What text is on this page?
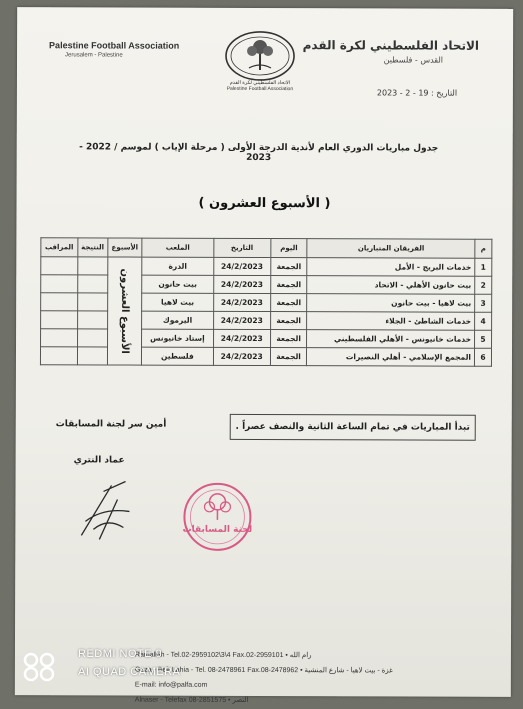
Palestine Football Association
Jerusalem - Palestine
الاتحاد الفلسطيني لكرة القدم
Palestine Football Association
الاتحاد الفلسطيني لكرة القدم
القدس - فلسطين
التاريخ : 19 - 2 - 2023
جدول مباريات الدوري العام لأندية الدرجة الأولى ( مرحلة الإياب ) لموسم / 2022 - 2023
( الأسبوع العشرون )
م	الفريقان المتباريان	اليوم	التاريخ	الملعب	الأسبوع	النتيجة	المراقب
1	خدمات البريج - الأمل	الجمعة	24/2/2023	الدرة	الأسبوع العشرون		
2	بيت حانون الأهلي - الاتحاد	الجمعة	24/2/2023	بيت حانون			
3	بيت لاهيا - بيت حانون	الجمعة	24/2/2023	بيت لاهيا			
4	خدمات الشاطئ - الجلاء	الجمعة	24/2/2023	اليرموك			
5	خدمات خانيونس - الأهلي الفلسطيني	الجمعة	24/2/2023	إستاد خانيونس			
6	المجمع الإسلامي - أهلي النصيرات	الجمعة	24/2/2023	فلسطين			
تبدأ المباريات في تمام الساعة الثانية والنصف عصراً .
أمين سر لجنة المسابقات
عماد النتري
لجنة المسابقات
Ramallah - Tel.02-2959102\3\4 Fax.02-2959101 • رام الله
Gaza - Beit Lahia - Tel. 08-2478961 Fax.08-2478962 • غزة - بيت لاهيا - شارع المنشية
E-mail: info@palfa.com
Alnaser - Telefax 08-2851575 • النصر
REDMI NOTE 9
AI QUAD CAMERA
